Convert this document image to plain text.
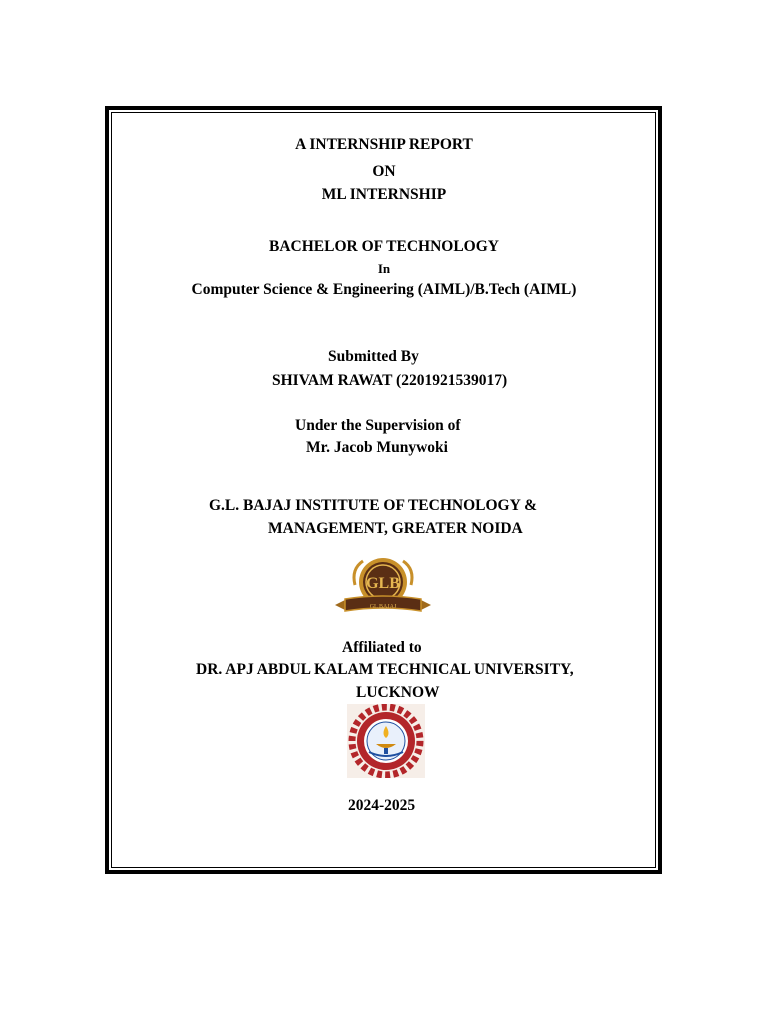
A INTERNSHIP REPORT
ON
ML INTERNSHIP
BACHELOR OF TECHNOLOGY
In
Computer Science & Engineering (AIML)/B.Tech (AIML)
Submitted By
SHIVAM RAWAT (2201921539017)
Under the Supervision of
Mr. Jacob Munywoki
G.L. BAJAJ INSTITUTE OF TECHNOLOGY &
MANAGEMENT, GREATER NOIDA
GLB
GL BAJAJ
Affiliated to
DR. APJ ABDUL KALAM TECHNICAL UNIVERSITY,
LUCKNOW
2024-2025
